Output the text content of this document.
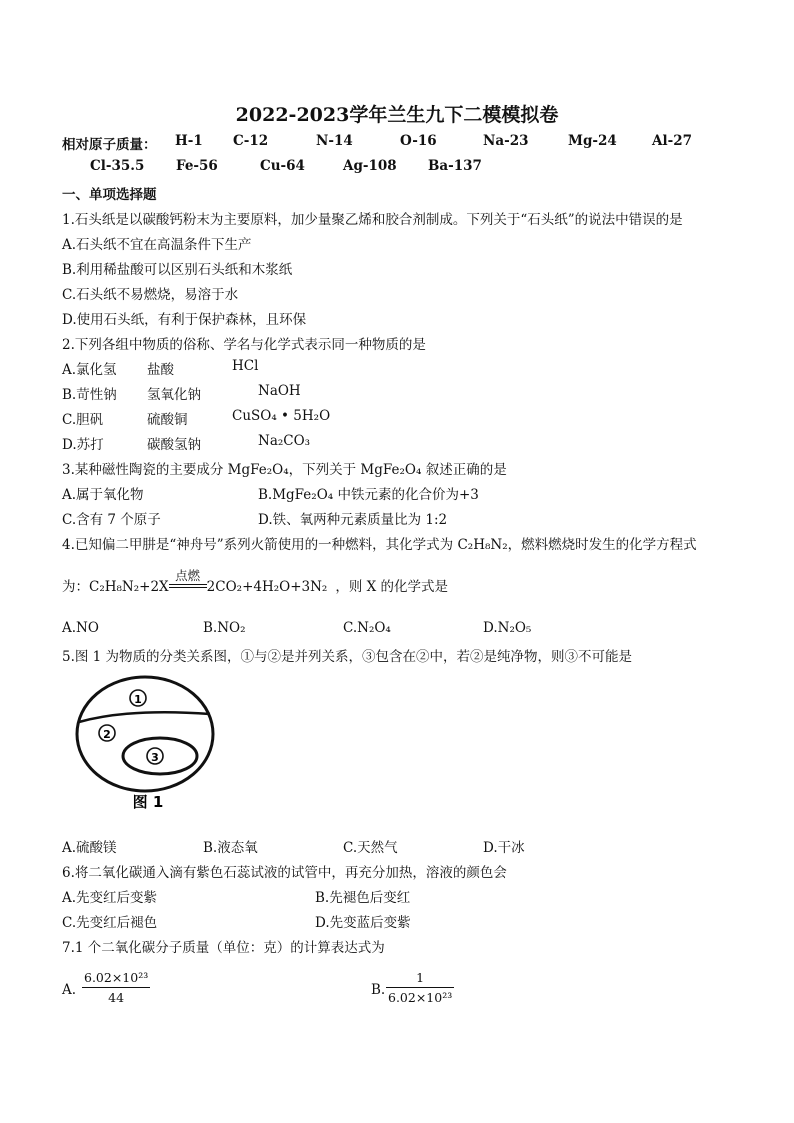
2022-2023学年兰生九下二模模拟卷
相对原子质量： H-1 C-12	N-14	O-16	Na-23	Mg-24	Al-27
Cl-35.5 Fe-56	Cu-64	Ag-108 Ba-137
一、单项选择题
1.石头纸是以碳酸钙粉末为主要原料，加少量聚乙烯和胶合剂制成。下列关于“石头纸”的说法中错误的是
A.石头纸不宜在高温条件下生产
B.利用稀盐酸可以区别石头纸和木浆纸
C.石头纸不易燃烧，易溶于水
D.使用石头纸，有利于保护森林，且环保
2.下列各组中物质的俗称、学名与化学式表示同一种物质的是
A.氯化氢 盐酸	HCl
B.苛性钠 氢氧化钠	NaOH
C.胆矾	硫酸铜	CuSO₄ • 5H₂O
D.苏打	碳酸氢钠	Na₂CO₃
3.某种磁性陶瓷的主要成分 MgFe₂O₄，下列关于 MgFe₂O₄ 叙述正确的是
A.属于氧化物	B.MgFe₂O₄ 中铁元素的化合价为+3
C.含有 7 个原子	D.铁、氧两种元素质量比为 1:2
4.已知偏二甲肼是“神舟号”系列火箭使用的一种燃料，其化学式为 C₂H₈N₂，燃料燃烧时发生的化学方程式
为：C₂H₈N₂+2X
点燃
2CO₂+4H₂O+3N₂ ，则 X 的化学式是
A.NO	B.NO₂	C.N₂O₄	D.N₂O₅
5.图 1 为物质的分类关系图，①与②是并列关系，③包含在②中，若②是纯净物，则③不可能是
1
2
3
图 1
A.硫酸镁	B.液态氧	C.天然气	D.干冰
6.将二氧化碳通入滴有紫色石蕊试液的试管中，再充分加热，溶液的颜色会
A.先变红后变紫	B.先褪色后变红
C.先变红后褪色	D.先变蓝后变紫
7.1 个二氧化碳分子质量（单位：克）的计算表达式为
A. $\frac{\text{6.02×10²³}}{44}$	B. $\frac{1}{\text{6.02×10²³}}$
